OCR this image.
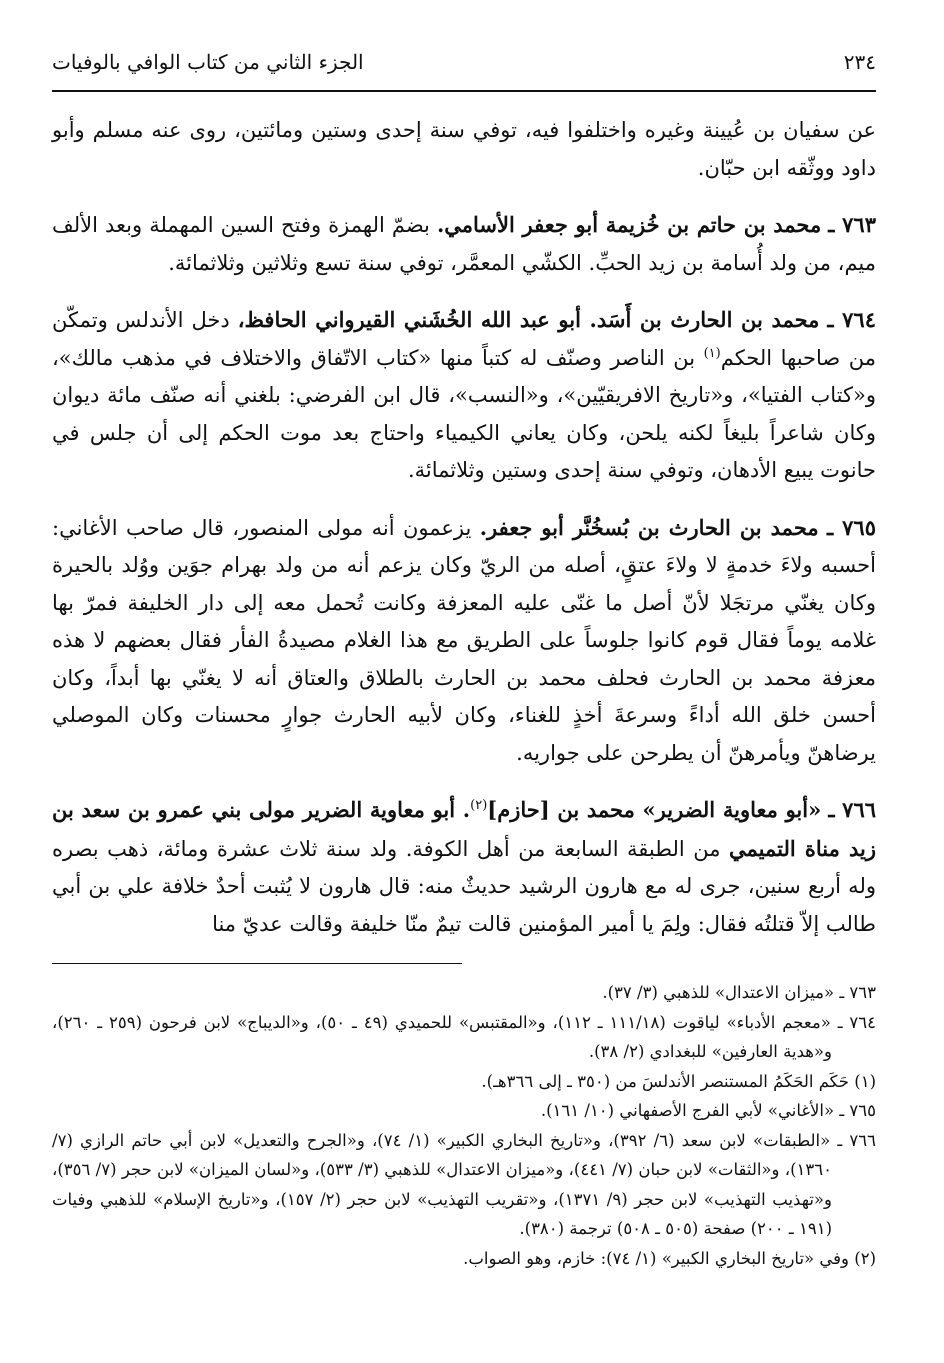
٢٣٤
الجزء الثاني من كتاب الوافي بالوفيات

عن سفيان بن عُيينة وغيره واختلفوا فيه، توفي سنة إحدى وستين ومائتين، روى عنه مسلم وأبو داود ووثّقه ابن حبّان.

٧٦٣ ـ محمد بن حاتم بن خُزيمة أبو جعفر الأسامي. بضمّ الهمزة وفتح السين المهملة وبعد الألف ميم، من ولد أُسامة بن زيد الحبِّ. الكشّي المعمَّر، توفي سنة تسع وثلاثين وثلاثمائة.

٧٦٤ ـ محمد بن الحارث بن أَسَد. أبو عبد الله الخُشَني القيرواني الحافظ، دخل الأندلس وتمكّن من صاحبها الحكم$^{(١)}$ بن الناصر وصنّف له كتباً منها «كتاب الاتّفاق والاختلاف في مذهب مالك»، و«كتاب الفتيا»، و«تاريخ الافريقيّين»، و«النسب»، قال ابن الفرضي: بلغني أنه صنّف مائة ديوان وكان شاعراً بليغاً لكنه يلحن، وكان يعاني الكيمياء واحتاج بعد موت الحكم إلى أن جلس في حانوت يبيع الأدهان، وتوفي سنة إحدى وستين وثلاثمائة.

٧٦٥ ـ محمد بن الحارث بن بُسخُنَّر أبو جعفر. يزعمون أنه مولى المنصور، قال صاحب الأغاني: أحسبه ولاءَ خدمةٍ لا ولاءَ عتقٍ، أصله من الريّ وكان يزعم أنه من ولد بهرام جوَين ووُلد بالحيرة وكان يغنّي مرتجَلا لأنّ أصل ما غنّى عليه المعزفة وكانت تُحمل معه إلى دار الخليفة فمرّ بها غلامه يوماً فقال قوم كانوا جلوساً على الطريق مع هذا الغلام مصيدةُ الفأر فقال بعضهم لا هذه معزفة محمد بن الحارث فحلف محمد بن الحارث بالطلاق والعتاق أنه لا يغنّي بها أبداً، وكان أحسن خلق الله أداءً وسرعةَ أخذٍ للغناء، وكان لأبيه الحارث جوارٍ محسنات وكان الموصلي يرضاهنّ ويأمرهنّ أن يطرحن على جواريه.

٧٦٦ ـ «أبو معاوية الضرير» محمد بن [حازم]$^{(٢)}$. أبو معاوية الضرير مولى بني عمرو بن سعد بن زيد مناة التميمي من الطبقة السابعة من أهل الكوفة. ولد سنة ثلاث عشرة ومائة، ذهب بصره وله أربع سنين، جرى له مع هارون الرشيد حديثٌ منه: قال هارون لا يُثبت أحدٌ خلافة علي بن أبي طالب إلاّ قتلتُه فقال: ولِمَ يا أمير المؤمنين قالت تيمٌ منّا خليفة وقالت عديّ منا

٧٦٣ ـ «ميزان الاعتدال» للذهبي (٣/ ٣٧).

٧٦٤ ـ «معجم الأدباء» لياقوت (١١١/١٨ ـ ١١٢)، و«المقتبس» للحميدي (٤٩ ـ ٥٠)، و«الديباج» لابن فرحون (٢٥٩ ـ ٢٦٠)، و«هدية العارفين» للبغدادي (٢/ ٣٨).

(١) حَكَم الحَكَمُ المستنصر الأندلسَ من (٣٥٠ ـ إلى ٣٦٦هـ).

٧٦٥ ـ «الأغاني» لأبي الفرج الأصفهاني (١٠/ ١٦١).

٧٦٦ ـ «الطبقات» لابن سعد (٦/ ٣٩٢)، و«تاريخ البخاري الكبير» (١/ ٧٤)، و«الجرح والتعديل» لابن أبي حاتم الرازي (٧/ ١٣٦٠)، و«الثقات» لابن حبان (٧/ ٤٤١)، و«ميزان الاعتدال» للذهبي (٣/ ٥٣٣)، و«لسان الميزان» لابن حجر (٧/ ٣٥٦)، و«تهذيب التهذيب» لابن حجر (٩/ ١٣٧١)، و«تقريب التهذيب» لابن حجر (٢/ ١٥٧)، و«تاريخ الإسلام» للذهبي وفيات (١٩١ ـ ٢٠٠) صفحة (٥٠٥ ـ ٥٠٨) ترجمة (٣٨٠).

(٢) وفي «تاريخ البخاري الكبير» (١/ ٧٤): خازم، وهو الصواب.
